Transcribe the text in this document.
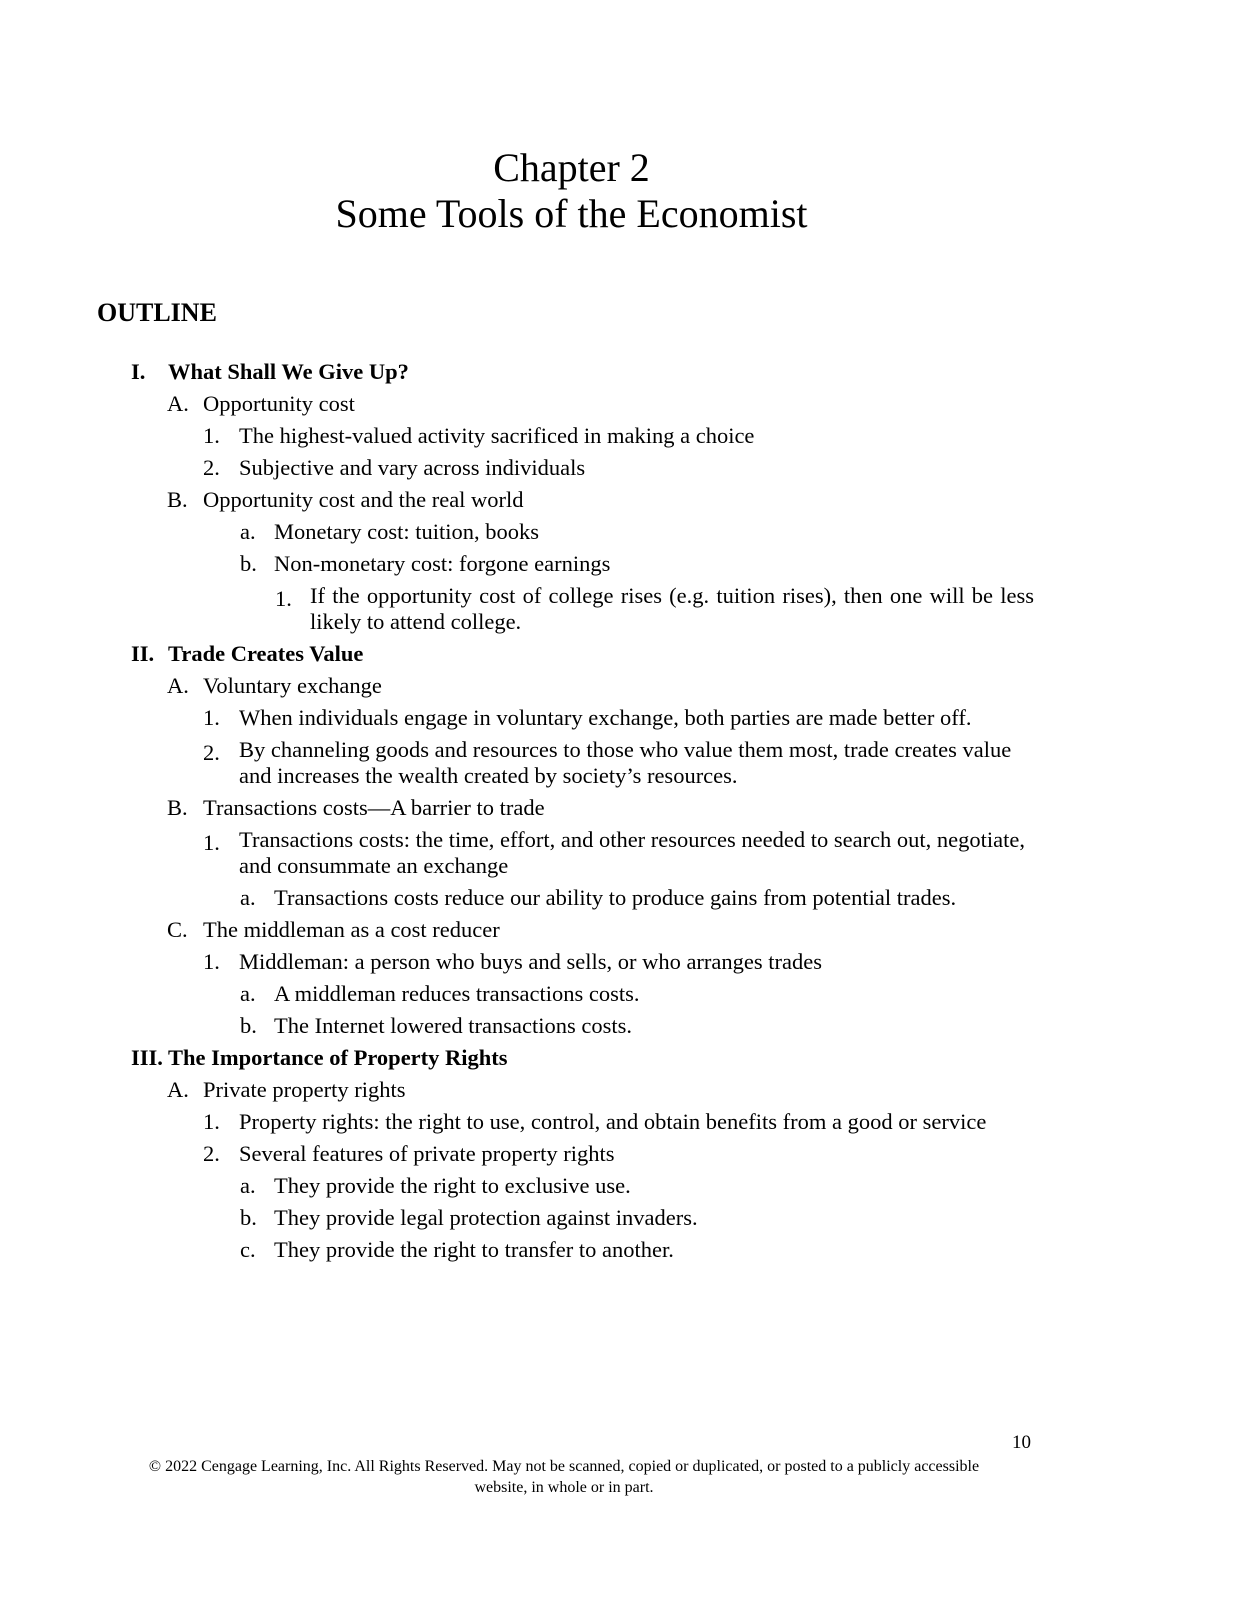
Chapter 2
Some Tools of the Economist
OUTLINE
I. What Shall We Give Up?
A. Opportunity cost
1. The highest-valued activity sacrificed in making a choice
2. Subjective and vary across individuals
B. Opportunity cost and the real world
a. Monetary cost: tuition, books
b. Non-monetary cost: forgone earnings
1. If the opportunity cost of college rises (e.g. tuition rises), then one will be less likely to attend college.
II. Trade Creates Value
A. Voluntary exchange
1. When individuals engage in voluntary exchange, both parties are made better off.
2. By channeling goods and resources to those who value them most, trade creates value and increases the wealth created by society’s resources.
B. Transactions costs—A barrier to trade
1. Transactions costs: the time, effort, and other resources needed to search out, negotiate, and consummate an exchange
a. Transactions costs reduce our ability to produce gains from potential trades.
C. The middleman as a cost reducer
1. Middleman: a person who buys and sells, or who arranges trades
a. A middleman reduces transactions costs.
b. The Internet lowered transactions costs.
III. The Importance of Property Rights
A. Private property rights
1. Property rights: the right to use, control, and obtain benefits from a good or service
2. Several features of private property rights
a. They provide the right to exclusive use.
b. They provide legal protection against invaders.
c. They provide the right to transfer to another.
10
© 2022 Cengage Learning, Inc. All Rights Reserved. May not be scanned, copied or duplicated, or posted to a publicly accessible
website, in whole or in part.
